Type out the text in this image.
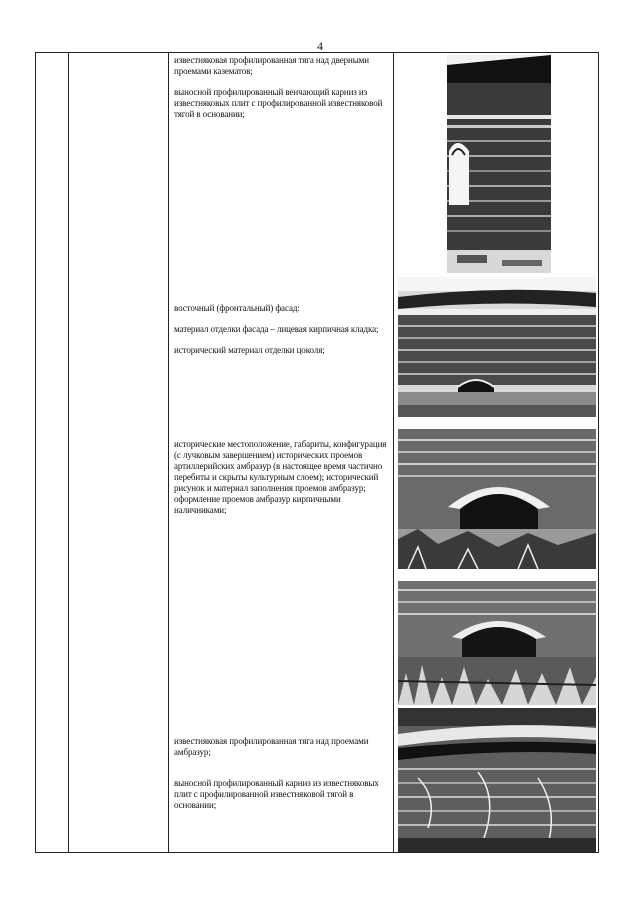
4

известняковая профилированная тяга над дверными проемами казематов;

выносной профилированный венчающий карниз из известняковых плит с профилированной известняковой тягой в основании;

восточный (фронтальный) фасад:

материал отделки фасада – лицевая кирпичная кладка;

исторический материал отделки цоколя;

исторические местоположение, габариты, конфигурация (с лучковым завершением) исторических проемов артиллерийских амбразур (в настоящее время частично перебиты и скрыты культурным слоем); исторический рисунок и материал заполнения проемов амбразур; оформление проемов амбразур кирпичными наличниками;

известняковая профилированная тяга над проемами амбразур;

выносной профилированный карниз из известняковых плит с профилированной известняковой тягой в основании;
